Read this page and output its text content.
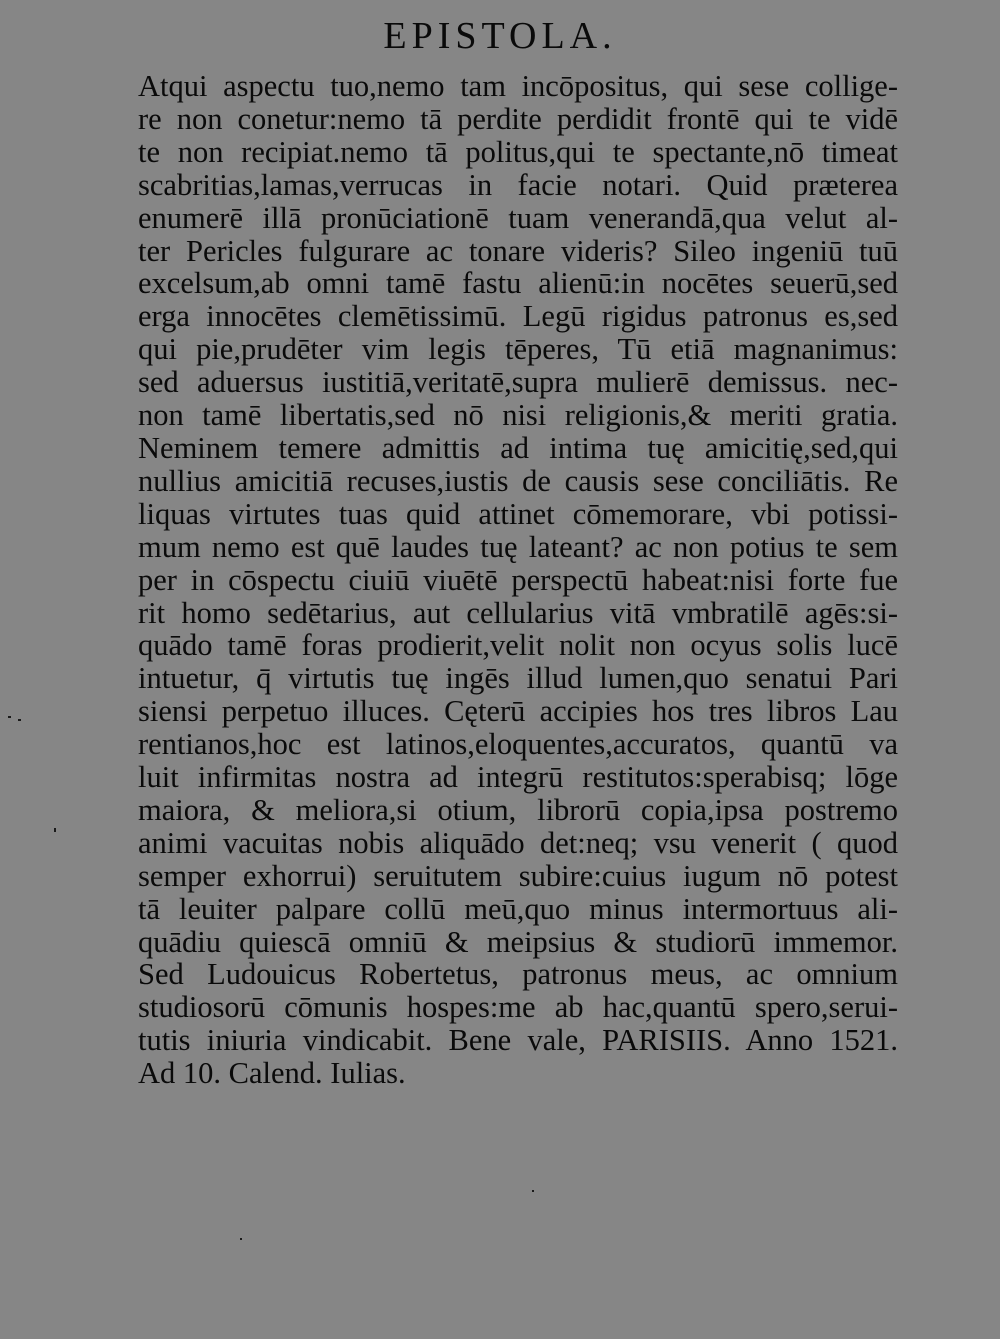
EPISTOLA.
Atqui aspectu tuo,nemo tam incōpositus, qui sese collige-
re non conetur:nemo tā perdite perdidit frontē qui te vidē
te non recipiat.nemo tā politus,qui te spectante,nō timeat
scabritias,lamas,verrucas in facie notari. Quid præterea
enumerē illā pronūciationē tuam venerandā,qua velut al-
ter Pericles fulgurare ac tonare videris? Sileo ingeniū tuū
excelsum,ab omni tamē fastu alienū:in nocētes seuerū,sed
erga innocētes clemētissimū. Legū rigidus patronus es,sed
qui pie,prudēter vim legis tēperes, Tū etiā magnanimus:
sed aduersus iustitiā,veritatē,supra mulierē demissus. nec-
non tamē libertatis,sed nō nisi religionis,& meriti gratia.
Neminem temere admittis ad intima tuę amicitię,sed,qui
nullius amicitiā recuses,iustis de causis sese conciliātis. Re
liquas virtutes tuas quid attinet cōmemorare, vbi potissi-
mum nemo est quē laudes tuę lateant? ac non potius te sem
per in cōspectu ciuiū viuētē perspectū habeat:nisi forte fue
rit homo sedētarius, aut cellularius vitā vmbratilē agēs:si-
quādo tamē foras prodierit,velit nolit non ocyus solis lucē
intuetur, q̄ virtutis tuę ingēs illud lumen,quo senatui Pari
siensi perpetuo illuces. Cęterū accipies hos tres libros Lau
rentianos,hoc est latinos,eloquentes,accuratos, quantū va
luit infirmitas nostra ad integrū restitutos:sperabisq; lōge
maiora, & meliora,si otium, librorū copia,ipsa postremo
animi vacuitas nobis aliquādo det:neq; vsu venerit ( quod
semper exhorrui) seruitutem subire:cuius iugum nō potest
tā leuiter palpare collū meū,quo minus intermortuus ali-
quādiu quiescā omniū & meipsius & studiorū immemor.
Sed Ludouicus Robertetus, patronus meus, ac omnium
studiosorū cōmunis hospes:me ab hac,quantū spero,serui-
tutis iniuria vindicabit. Bene vale, PARISIIS. Anno 1521.
Ad 10. Calend. Iulias.
